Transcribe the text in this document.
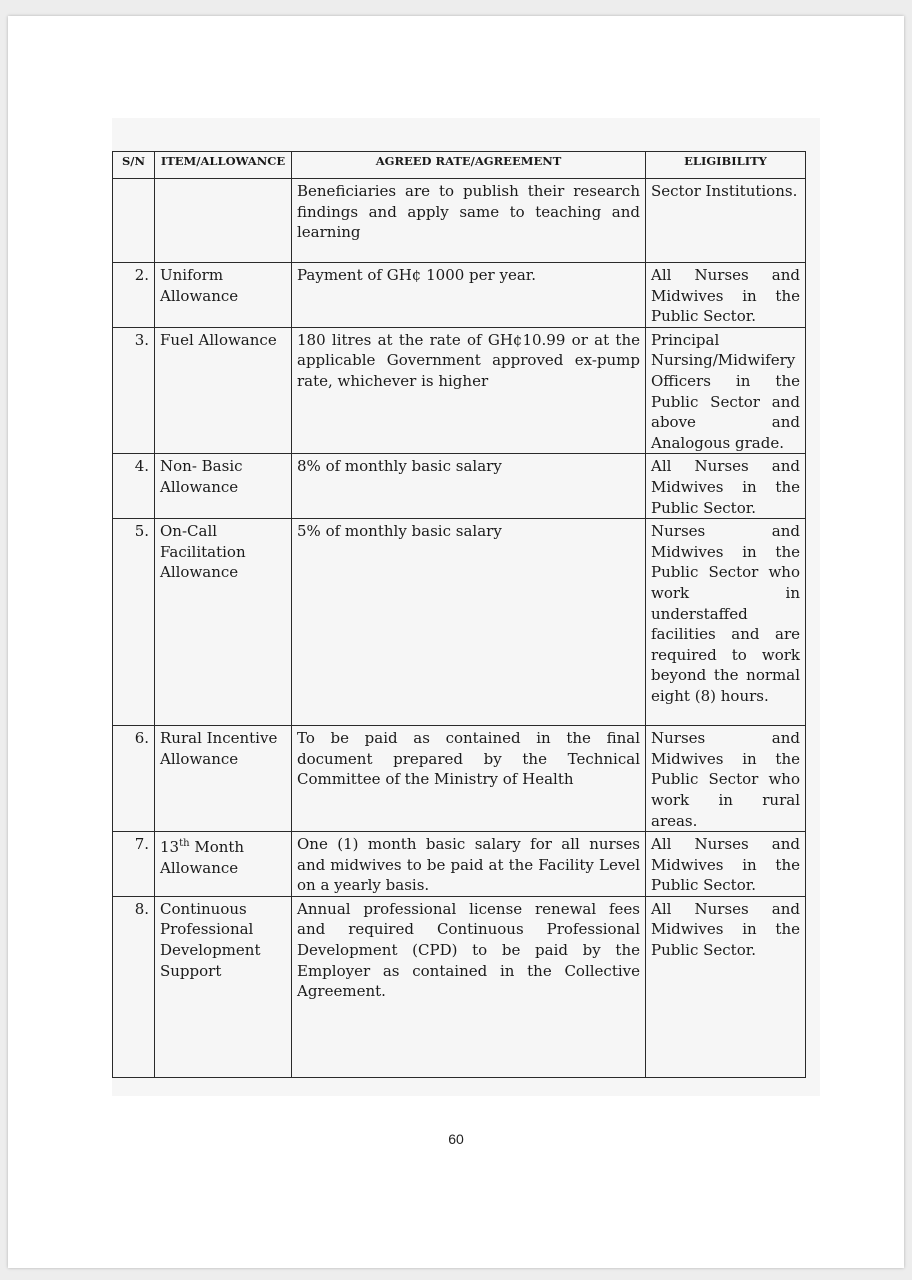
S/N	ITEM/ALLOWANCE	AGREED RATE/AGREEMENT	ELIGIBILITY
		Beneficiaries are to publish their research findings and apply same to teaching and learning	Sector Institutions.
2.	Uniform Allowance	Payment of GH¢ 1000 per year.	All Nurses and Midwives in the Public Sector.
3.	Fuel Allowance	180 litres at the rate of GH¢10.99 or at the applicable Government approved ex-pump rate, whichever is higher	Principal Nursing/Midwifery Officers in the Public Sector and above and Analogous grade.
4.	Non- Basic Allowance	8% of monthly basic salary	All Nurses and Midwives in the Public Sector.
5.	On-Call Facilitation Allowance	5% of monthly basic salary	Nurses and Midwives in the Public Sector who work in understaffed facilities and are required to work beyond the normal eight (8) hours.
6.	Rural Incentive Allowance	To be paid as contained in the final document prepared by the Technical Committee of the Ministry of Health	Nurses and Midwives in the Public Sector who work in rural areas.
7.	13th Month Allowance	One (1) month basic salary for all nurses and midwives to be paid at the Facility Level on a yearly basis.	All Nurses and Midwives in the Public Sector.
8.	Continuous Professional Development Support	Annual professional license renewal fees and required Continuous Professional Development (CPD) to be paid by the Employer as contained in the Collective Agreement.	All Nurses and Midwives in the Public Sector.
60
